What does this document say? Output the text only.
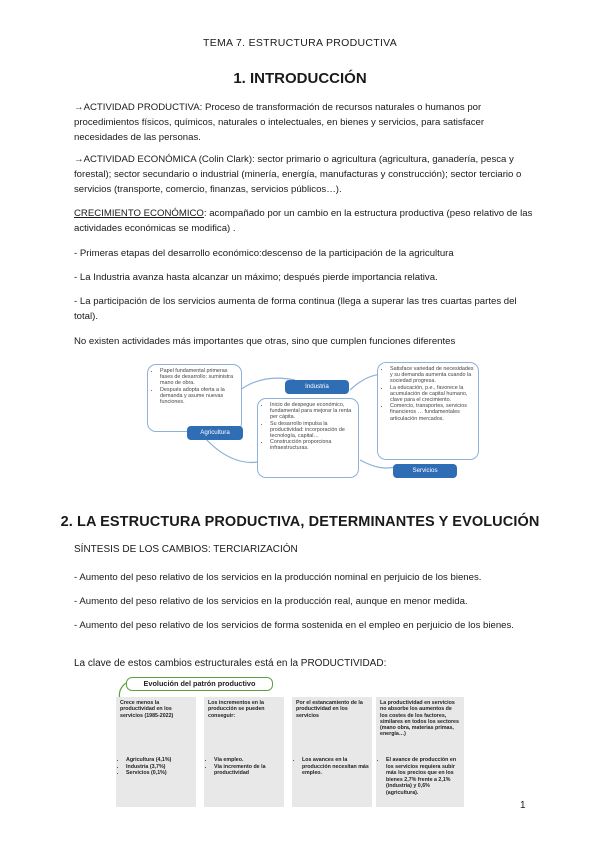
TEMA 7. ESTRUCTURA PRODUCTIVA
1. INTRODUCCIÓN
→ACTIVIDAD PRODUCTIVA: Proceso de transformación de recursos naturales o humanos por procedimientos físicos, químicos, naturales o intelectuales, en bienes y servicios, para satisfacer necesidades de las personas.
→ACTIVIDAD ECONÓMICA (Colin Clark): sector primario o agricultura (agricultura, ganadería, pesca y forestal); sector secundario o industrial (minería, energía, manufacturas y construcción); sector terciario o servicios (transporte, comercio, finanzas, servicios públicos…).
CRECIMIENTO ECONÓMICO: acompañado por un cambio en la estructura productiva (peso relativo de las actividades económicas se modifica) .
- Primeras etapas del desarrollo económico:descenso de la participación de la agricultura
- La Industria avanza hasta alcanzar un máximo; después pierde importancia relativa.
- La participación de los servicios aumenta de forma continua (llega a superar las tres cuartas partes del total).
No existen actividades más importantes que otras, sino que cumplen funciones diferentes
• Papel fundamental primeras fases de desarrollo: suministra mano de obra.
• Después adopta oferta a la demanda y asume nuevas funciones.
Agricultura
Industria
• Inicio de despegue económico, fundamental para mejorar la renta per cápita.
• Su desarrollo impulsa la productividad: incorporación de tecnología, capital…
• Construcción proporciona infraestructuras.
• Satisface variedad de necesidades y su demanda aumenta cuando la sociedad progresa.
• La educación, p.e., favorece la acumulación de capital humano, clave para el crecimiento.
• Comercio, transportes, servicios financieros … fundamentales articulación mercados.
Servicios
2. LA ESTRUCTURA PRODUCTIVA, DETERMINANTES Y EVOLUCIÓN
SÍNTESIS DE LOS CAMBIOS: TERCIARIZACIÓN
- Aumento del peso relativo de los servicios en la producción nominal en perjuicio de los bienes.
- Aumento del peso relativo de los servicios en la producción real, aunque en menor medida.
- Aumento del peso relativo de los servicios de forma sostenida en el empleo en perjuicio de los bienes.
La clave de estos cambios estructurales está en la PRODUCTIVIDAD:
Evolución del patrón productivo
Crece menos la productividad en los servicios (1985-2022)
• Agricultura (4,1%)
• Industria (3,7%)
• Servicios (0,1%)
Los incrementos en la producción se pueden conseguir:
• Vía empleo.
• Vía incremento de la productividad
Por el estancamiento de la productividad en los servicios
• Los avances en la producción necesitan más empleo.
La productividad en servicios no absorbe los aumentos de los costes de los factores, similares en todos los sectores (mano obra, materias primas, energía…)
• El avance de producción en los servicios requiera subir más los precios que en los bienes 2,7% frente a 2,1% (industria) y 0,6% (agricultura).
1
